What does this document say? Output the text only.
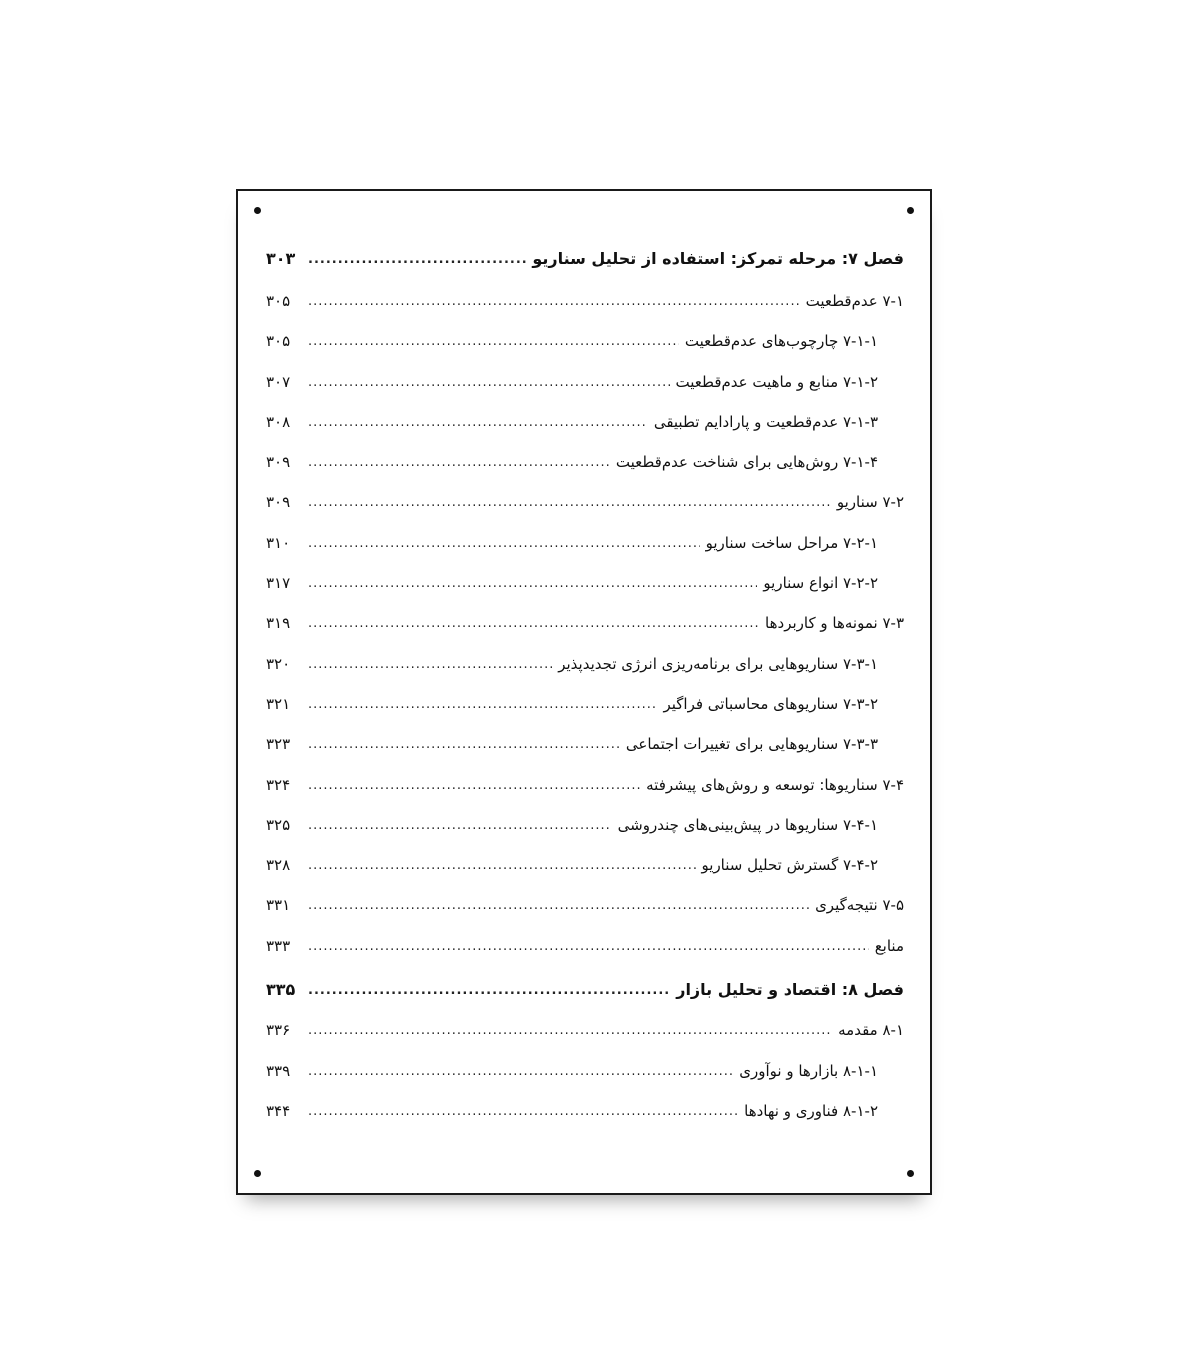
فصل ۷: مرحله تمرکز: استفاده از تحلیل سناریو
.....
۳۰۳
۷-۱ عدم‌قطعیت
.....
۳۰۵
۷-۱-۱ چارچوب‌های عدم‌قطعیت
.....
۳۰۵
۷-۱-۲ منابع و ماهیت عدم‌قطعیت
.....
۳۰۷
۷-۱-۳ عدم‌قطعیت و پارادایم تطبیقی
.....
۳۰۸
۷-۱-۴ روش‌هایی برای شناخت عدم‌قطعیت
.....
۳۰۹
۷-۲ سناریو
.....
۳۰۹
۷-۲-۱ مراحل ساخت سناریو
.....
۳۱۰
۷-۲-۲ انواع سناریو
.....
۳۱۷
۷-۳ نمونه‌ها و کاربردها
.....
۳۱۹
۷-۳-۱ سناریوهایی برای برنامه‌ریزی انرژی تجدیدپذیر
.....
۳۲۰
۷-۳-۲ سناریوهای محاسباتی فراگیر
.....
۳۲۱
۷-۳-۳ سناریوهایی برای تغییرات اجتماعی
.....
۳۲۳
۷-۴ سناریوها: توسعه و روش‌های پیشرفته
.....
۳۲۴
۷-۴-۱ سناریوها در پیش‌بینی‌های چندروشی
.....
۳۲۵
۷-۴-۲ گسترش تحلیل سناریو
.....
۳۲۸
۷-۵ نتیجه‌گیری
.....
۳۳۱
منابع
.....
۳۳۳
فصل ۸: اقتصاد و تحلیل بازار
.....
۳۳۵
۸-۱ مقدمه
.....
۳۳۶
۸-۱-۱ بازارها و نوآوری
.....
۳۳۹
۸-۱-۲ فناوری و نهادها
.....
۳۴۴
